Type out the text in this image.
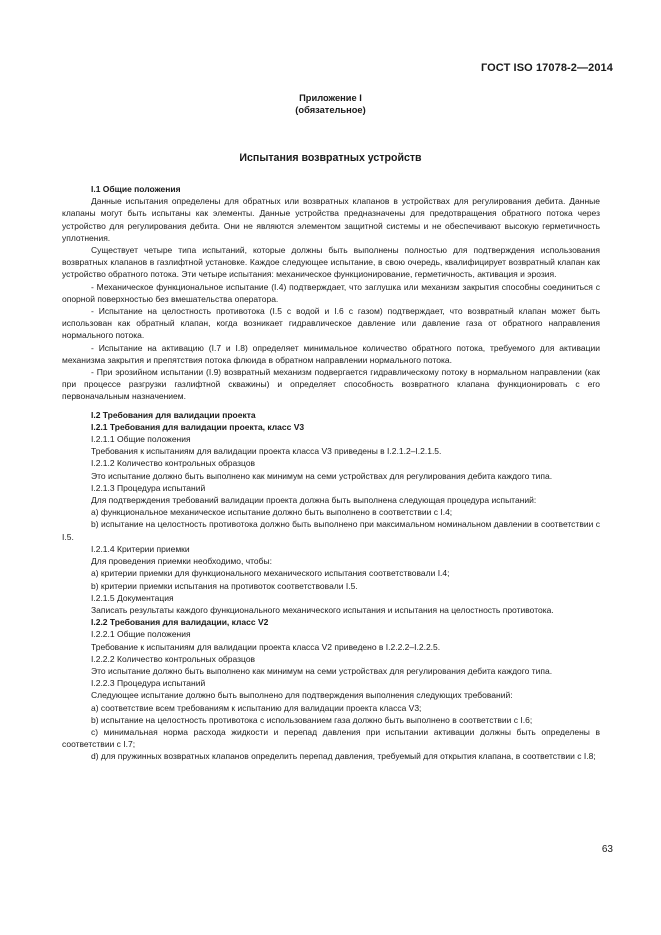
ГОСТ ISO 17078-2—2014
Приложение I
(обязательное)
Испытания возвратных устройств

I.1 Общие положения

Данные испытания определены для обратных или возвратных клапанов в устройствах для регулирования дебита. Данные клапаны могут быть испытаны как элементы. Данные устройства предназначены для предотвращения обратного потока через устройство для регулирования дебита. Они не являются элементом защитной системы и не обеспечивают высокую герметичность уплотнения.

Существует четыре типа испытаний, которые должны быть выполнены полностью для подтверждения использования возвратных клапанов в газлифтной установке. Каждое следующее испытание, в свою очередь, квалифицирует возвратный клапан как устройство обратного потока. Эти четыре испытания: механическое функционирование, герметичность, активация и эрозия.

- Механическое функциональное испытание (I.4) подтверждает, что заглушка или механизм закрытия способны соединиться с опорной поверхностью без вмешательства оператора.

- Испытание на целостность противотока (I.5 с водой и I.6 с газом) подтверждает, что возвратный клапан может быть использован как обратный клапан, когда возникает гидравлическое давление или давление газа от обратного направления нормального потока.

- Испытание на активацию (I.7 и I.8) определяет минимальное количество обратного потока, требуемого для активации механизма закрытия и препятствия потока флюида в обратном направлении нормального потока.

- При эрозийном испытании (I.9) возвратный механизм подвергается гидравлическому потоку в нормальном направлении (как при процессе разгрузки газлифтной скважины) и определяет способность возвратного клапана функционировать с его первоначальным назначением.

I.2 Требования для валидации проекта

I.2.1 Требования для валидации проекта, класс V3

I.2.1.1 Общие положения

Требования к испытаниям для валидации проекта класса V3 приведены в I.2.1.2–I.2.1.5.

I.2.1.2 Количество контрольных образцов

Это испытание должно быть выполнено как минимум на семи устройствах для регулирования дебита каждого типа.

I.2.1.3 Процедура испытаний

Для подтверждения требований валидации проекта должна быть выполнена следующая процедура испытаний:

а) функциональное механическое испытание должно быть выполнено в соответствии с I.4;

b) испытание на целостность противотока должно быть выполнено при максимальном номинальном давлении в соответствии с I.5.

I.2.1.4 Критерии приемки

Для проведения приемки необходимо, чтобы:

а) критерии приемки для функционального механического испытания соответствовали I.4;

b) критерии приемки испытания на противоток соответствовали I.5.

I.2.1.5 Документация

Записать результаты каждого функционального механического испытания и испытания на целостность противотока.

I.2.2 Требования для валидации, класс V2

I.2.2.1 Общие положения

Требование к испытаниям для валидации проекта класса V2 приведено в I.2.2.2–I.2.2.5.

I.2.2.2 Количество контрольных образцов

Это испытание должно быть выполнено как минимум на семи устройствах для регулирования дебита каждого типа.

I.2.2.3 Процедура испытаний

Следующее испытание должно быть выполнено для подтверждения выполнения следующих требований:

а) соответствие всем требованиям к испытанию для валидации проекта класса V3;

b) испытание на целостность противотока с использованием газа должно быть выполнено в соответствии с I.6;

c) минимальная норма расхода жидкости и перепад давления при испытании активации должны быть определены в соответствии с I.7;

d) для пружинных возвратных клапанов определить перепад давления, требуемый для открытия клапана, в соответствии с I.8;

63
